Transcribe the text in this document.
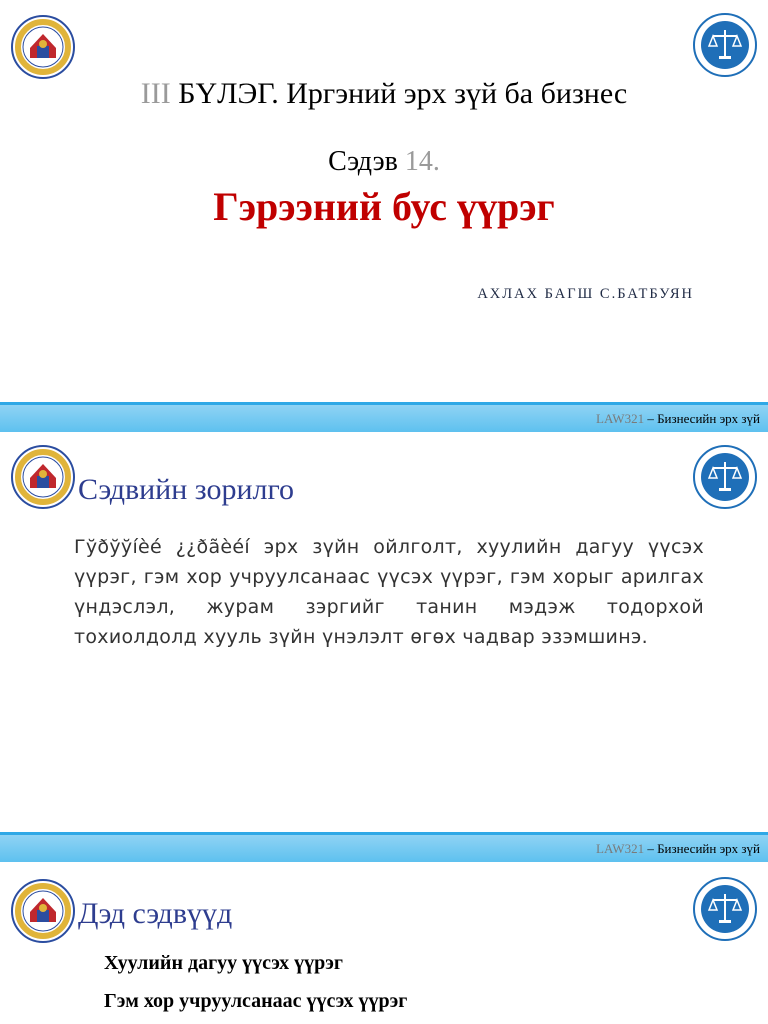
III БҮЛЭГ. Иргэний эрх зүй ба бизнес
Сэдэв 14.
Гэрээний бус үүрэг
АХЛАХ БАГШ С.БАТБУЯН
LAW321 – Бизнесийн эрх зүй
Сэдвийн зорилго
Гўðўўíèé ¿¿ðãèéí эрх зүйн ойлголт, хуулийн дагуу үүсэх үүрэг, гэм хор учруулсанаас үүсэх үүрэг, гэм хорыг арилгах үндэслэл, журам зэргийг танин мэдэж тодорхой тохиолдолд хууль зүйн үнэлэлт өгөх чадвар эзэмшинэ.
LAW321 – Бизнесийн эрх зүй
Дэд сэдвүүд
Хуулийн дагуу үүсэх үүрэг
Гэм хор учруулсанаас үүсэх үүрэг
